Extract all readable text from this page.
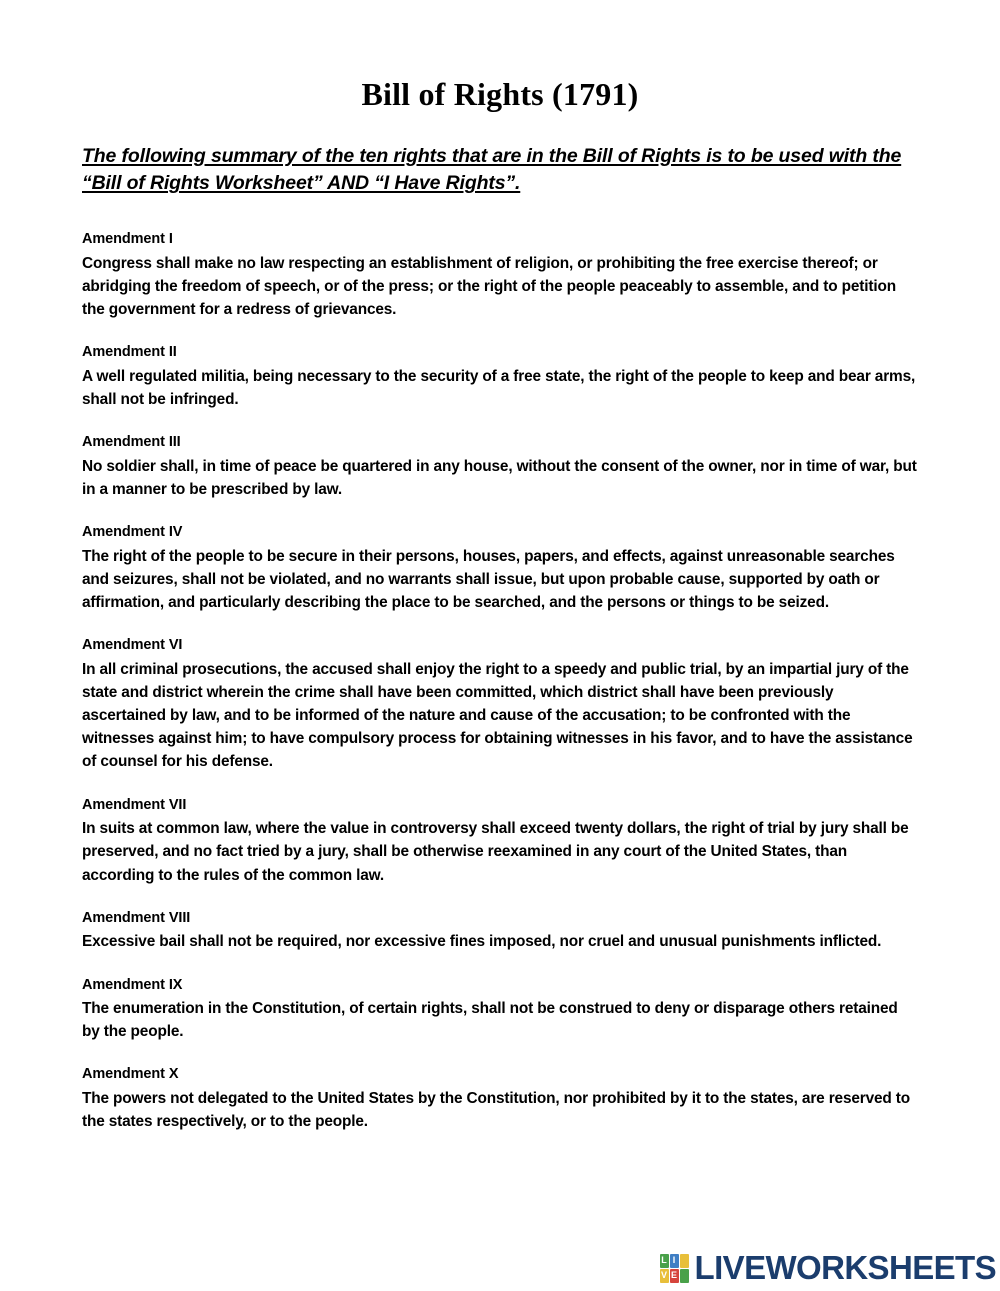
Bill of Rights (1791)

The following summary of the ten rights that are in the Bill of Rights is to be used with the “Bill of Rights Worksheet” AND “I Have Rights”.

Amendment I
Congress shall make no law respecting an establishment of religion, or prohibiting the free exercise thereof; or abridging the freedom of speech, or of the press; or the right of the people peaceably to assemble, and to petition the government for a redress of grievances.
Amendment II
A well regulated militia, being necessary to the security of a free state, the right of the people to keep and bear arms, shall not be infringed.
Amendment III
No soldier shall, in time of peace be quartered in any house, without the consent of the owner, nor in time of war, but in a manner to be prescribed by law.
Amendment IV
The right of the people to be secure in their persons, houses, papers, and effects, against unreasonable searches and seizures, shall not be violated, and no warrants shall issue, but upon probable cause, supported by oath or affirmation, and particularly describing the place to be searched, and the persons or things to be seized.
Amendment VI
In all criminal prosecutions, the accused shall enjoy the right to a speedy and public trial, by an impartial jury of the state and district wherein the crime shall have been committed, which district shall have been previously ascertained by law, and to be informed of the nature and cause of the accusation; to be confronted with the witnesses against him; to have compulsory process for obtaining witnesses in his favor, and to have the assistance of counsel for his defense.
Amendment VII
In suits at common law, where the value in controversy shall exceed twenty dollars, the right of trial by jury shall be preserved, and no fact tried by a jury, shall be otherwise reexamined in any court of the United States, than according to the rules of the common law.
Amendment VIII
Excessive bail shall not be required, nor excessive fines imposed, nor cruel and unusual punishments inflicted.
Amendment IX
The enumeration in the Constitution, of certain rights, shall not be construed to deny or disparage others retained by the people.
Amendment X
The powers not delegated to the United States by the Constitution, nor prohibited by it to the states, are reserved to the states respectively, or to the people.
L I
V E LIVEWORKSHEETS
